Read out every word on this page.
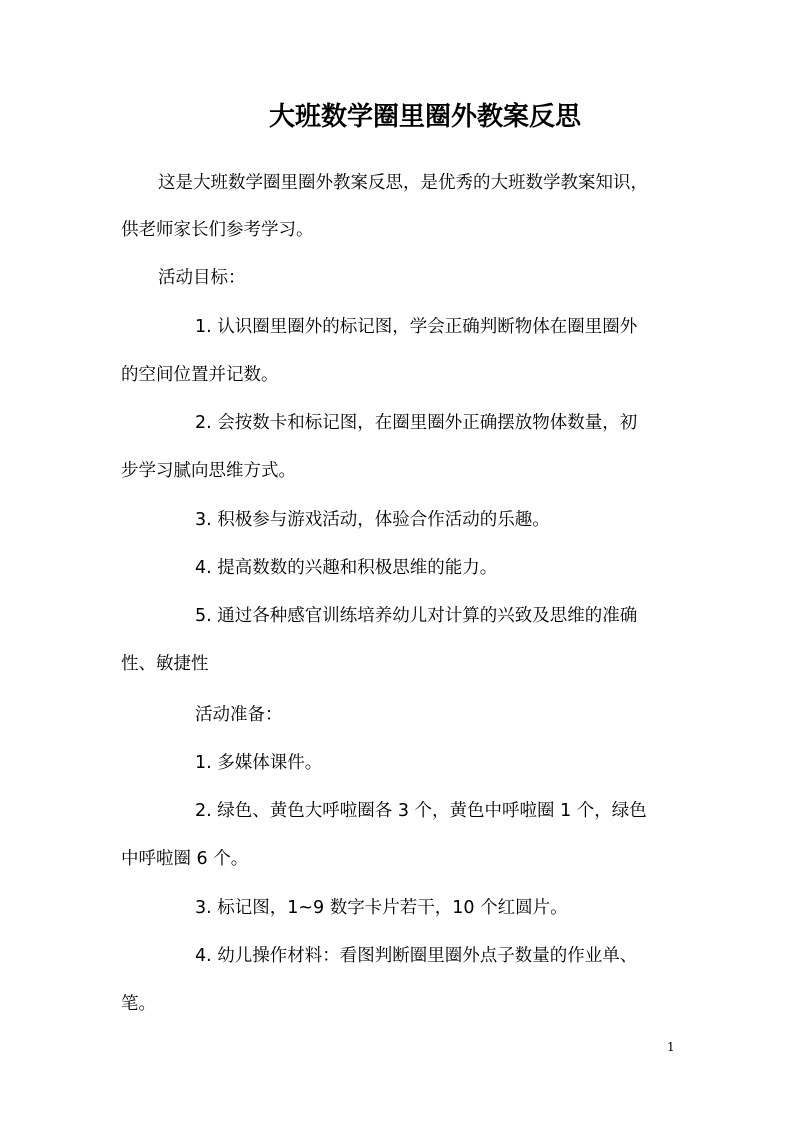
大班数学圈里圈外教案反思
这是大班数学圈里圈外教案反思，是优秀的大班数学教案知识，
供老师家长们参考学习。
活动目标：
1. 认识圈里圈外的标记图，学会正确判断物体在圈里圈外
的空间位置并记数。
2. 会按数卡和标记图，在圈里圈外正确摆放物体数量，初
步学习腻向思维方式。
3. 积极参与游戏活动，体验合作活动的乐趣。
4. 提高数数的兴趣和积极思维的能力。
5. 通过各种感官训练培养幼儿对计算的兴致及思维的准确
性、敏捷性
活动准备：
1. 多媒体课件。
2. 绿色、黄色大呼啦圈各 3 个，黄色中呼啦圈 1 个，绿色
中呼啦圈 6 个。
3. 标记图，1~9 数字卡片若干，10 个红圆片。
4. 幼儿操作材料：看图判断圈里圈外点子数量的作业单、
笔。
1
